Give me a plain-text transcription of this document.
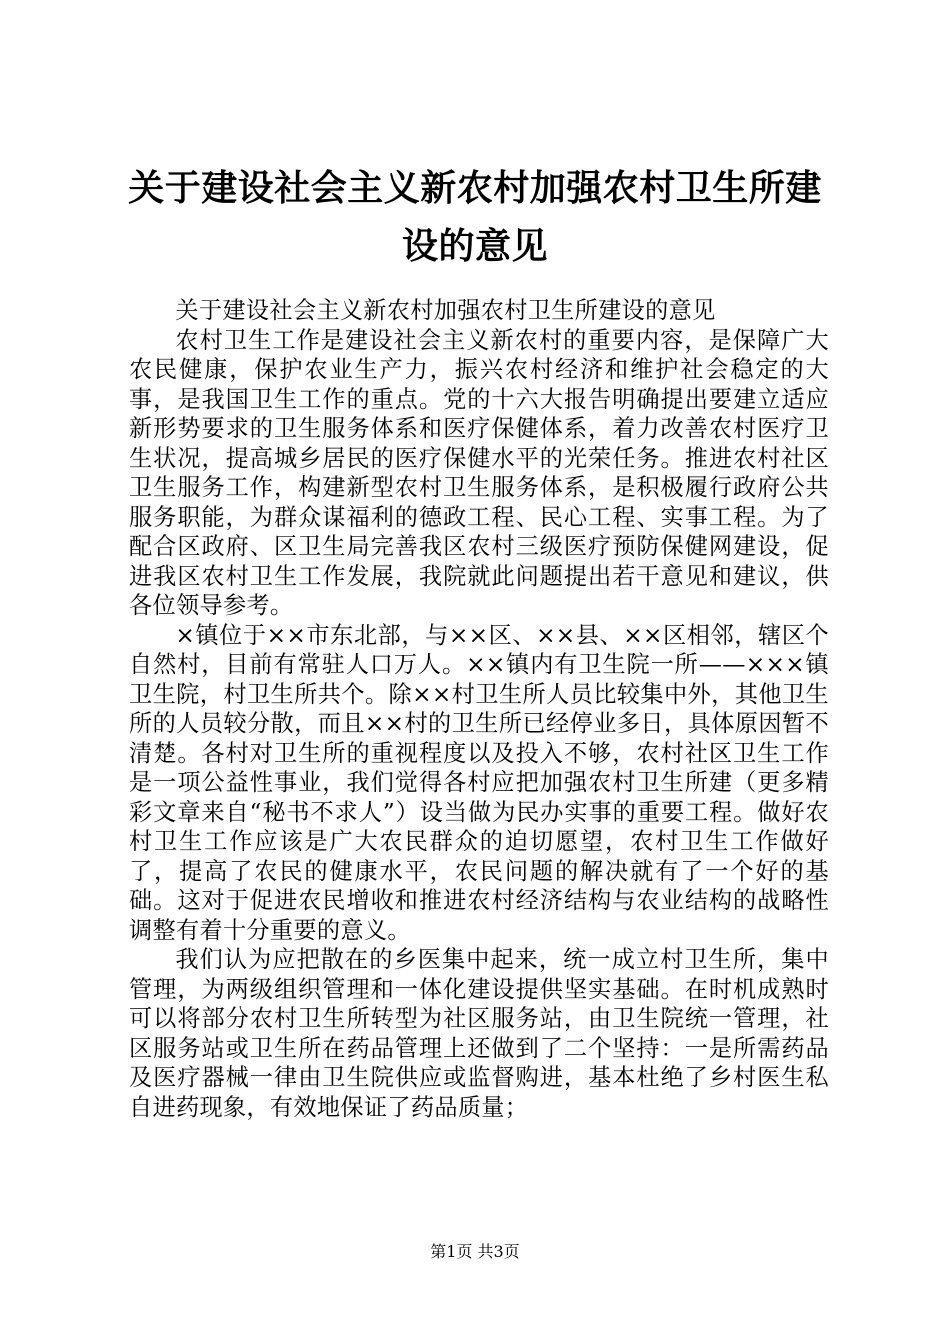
关于建设社会主义新农村加强农村卫生所建设的意见

关于建设社会主义新农村加强农村卫生所建设的意见

农村卫生工作是建设社会主义新农村的重要内容，是保障广大农民健康，保护农业生产力，振兴农村经济和维护社会稳定的大事，是我国卫生工作的重点。党的十六大报告明确提出要建立适应新形势要求的卫生服务体系和医疗保健体系，着力改善农村医疗卫生状况，提高城乡居民的医疗保健水平的光荣任务。推进农村社区卫生服务工作，构建新型农村卫生服务体系，是积极履行政府公共服务职能，为群众谋福利的德政工程、民心工程、实事工程。为了配合区政府、区卫生局完善我区农村三级医疗预防保健网建设，促进我区农村卫生工作发展，我院就此问题提出若干意见和建议，供各位领导参考。

×镇位于××市东北部，与××区、××县、××区相邻，辖区个自然村，目前有常驻人口万人。××镇内有卫生院一所——×××镇卫生院，村卫生所共个。除××村卫生所人员比较集中外，其他卫生所的人员较分散，而且××村的卫生所已经停业多日，具体原因暂不清楚。各村对卫生所的重视程度以及投入不够，农村社区卫生工作是一项公益性事业，我们觉得各村应把加强农村卫生所建（更多精彩文章来自“秘书不求人”）设当做为民办实事的重要工程。做好农村卫生工作应该是广大农民群众的迫切愿望，农村卫生工作做好了，提高了农民的健康水平，农民问题的解决就有了一个好的基础。这对于促进农民增收和推进农村经济结构与农业结构的战略性调整有着十分重要的意义。

我们认为应把散在的乡医集中起来，统一成立村卫生所，集中管理，为两级组织管理和一体化建设提供坚实基础。在时机成熟时可以将部分农村卫生所转型为社区服务站，由卫生院统一管理，社区服务站或卫生所在药品管理上还做到了二个坚持：一是所需药品及医疗器械一律由卫生院供应或监督购进，基本杜绝了乡村医生私自进药现象，有效地保证了药品质量；

第1页 共3页
